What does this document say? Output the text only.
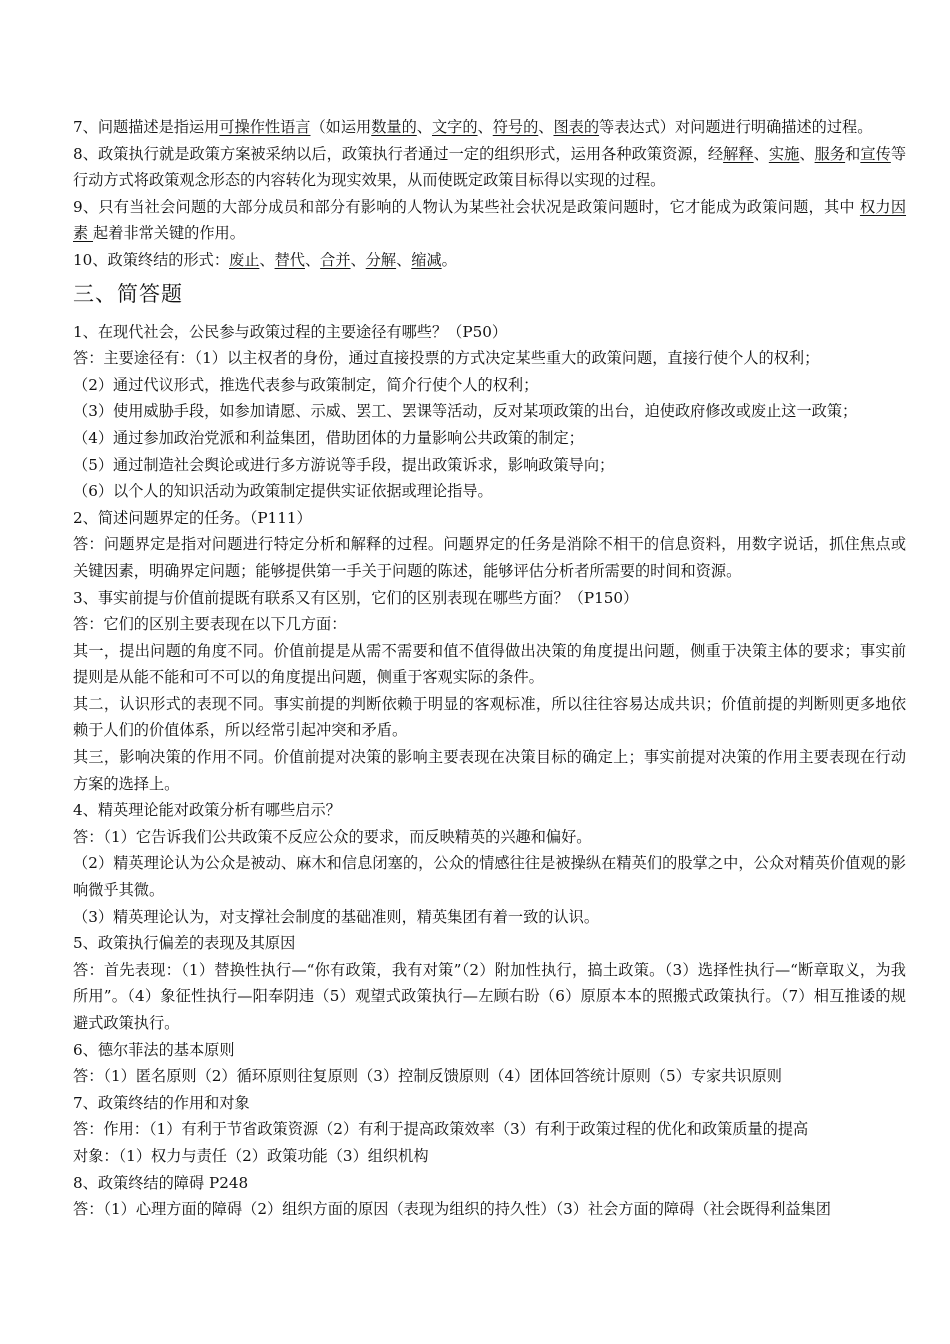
7、问题描述是指运用可操作性语言（如运用数量的、文字的、符号的、图表的等表达式）对问题进行明确描述的过程。

8、政策执行就是政策方案被采纳以后，政策执行者通过一定的组织形式，运用各种政策资源，经解释、实施、服务和宣传等行动方式将政策观念形态的内容转化为现实效果，从而使既定政策目标得以实现的过程。

9、只有当社会问题的大部分成员和部分有影响的人物认为某些社会状况是政策问题时，它才能成为政策问题，其中 权力因素 起着非常关键的作用。

10、政策终结的形式：废止、替代、合并、分解、缩减。

三、简答题

1、在现代社会，公民参与政策过程的主要途径有哪些？（P50）

答：主要途径有：（1）以主权者的身份，通过直接投票的方式决定某些重大的政策问题，直接行使个人的权利；

（2）通过代议形式，推选代表参与政策制定，简介行使个人的权利；

（3）使用威胁手段，如参加请愿、示威、罢工、罢课等活动，反对某项政策的出台，迫使政府修改或废止这一政策；

（4）通过参加政治党派和利益集团，借助团体的力量影响公共政策的制定；

（5）通过制造社会舆论或进行多方游说等手段，提出政策诉求，影响政策导向；

（6）以个人的知识活动为政策制定提供实证依据或理论指导。

2、简述问题界定的任务。（P111）

答：问题界定是指对问题进行特定分析和解释的过程。问题界定的任务是消除不相干的信息资料，用数字说话，抓住焦点或关键因素，明确界定问题；能够提供第一手关于问题的陈述，能够评估分析者所需要的时间和资源。

3、事实前提与价值前提既有联系又有区别，它们的区别表现在哪些方面？（P150）

答：它们的区别主要表现在以下几方面：

其一，提出问题的角度不同。价值前提是从需不需要和值不值得做出决策的角度提出问题，侧重于决策主体的要求；事实前提则是从能不能和可不可以的角度提出问题，侧重于客观实际的条件。

其二，认识形式的表现不同。事实前提的判断依赖于明显的客观标准，所以往往容易达成共识；价值前提的判断则更多地依赖于人们的价值体系，所以经常引起冲突和矛盾。

其三，影响决策的作用不同。价值前提对决策的影响主要表现在决策目标的确定上；事实前提对决策的作用主要表现在行动方案的选择上。

4、精英理论能对政策分析有哪些启示？

答：（1）它告诉我们公共政策不反应公众的要求，而反映精英的兴趣和偏好。

（2）精英理论认为公众是被动、麻木和信息闭塞的，公众的情感往往是被操纵在精英们的股掌之中，公众对精英价值观的影响微乎其微。

（3）精英理论认为，对支撑社会制度的基础准则，精英集团有着一致的认识。

5、政策执行偏差的表现及其原因

答：首先表现：（1）替换性执行—“你有政策，我有对策”（2）附加性执行，搞土政策。（3）选择性执行—“断章取义，为我所用”。（4）象征性执行—阳奉阴违（5）观望式政策执行—左顾右盼（6）原原本本的照搬式政策执行。（7）相互推诿的规避式政策执行。

6、德尔菲法的基本原则

答：（1）匿名原则（2）循环原则往复原则（3）控制反馈原则（4）团体回答统计原则（5）专家共识原则

7、政策终结的作用和对象

答：作用：（1）有利于节省政策资源（2）有利于提高政策效率（3）有利于政策过程的优化和政策质量的提高

对象：（1）权力与责任（2）政策功能（3）组织机构

8、政策终结的障碍 P248

答：（1）心理方面的障碍（2）组织方面的原因（表现为组织的持久性）（3）社会方面的障碍（社会既得利益集团
